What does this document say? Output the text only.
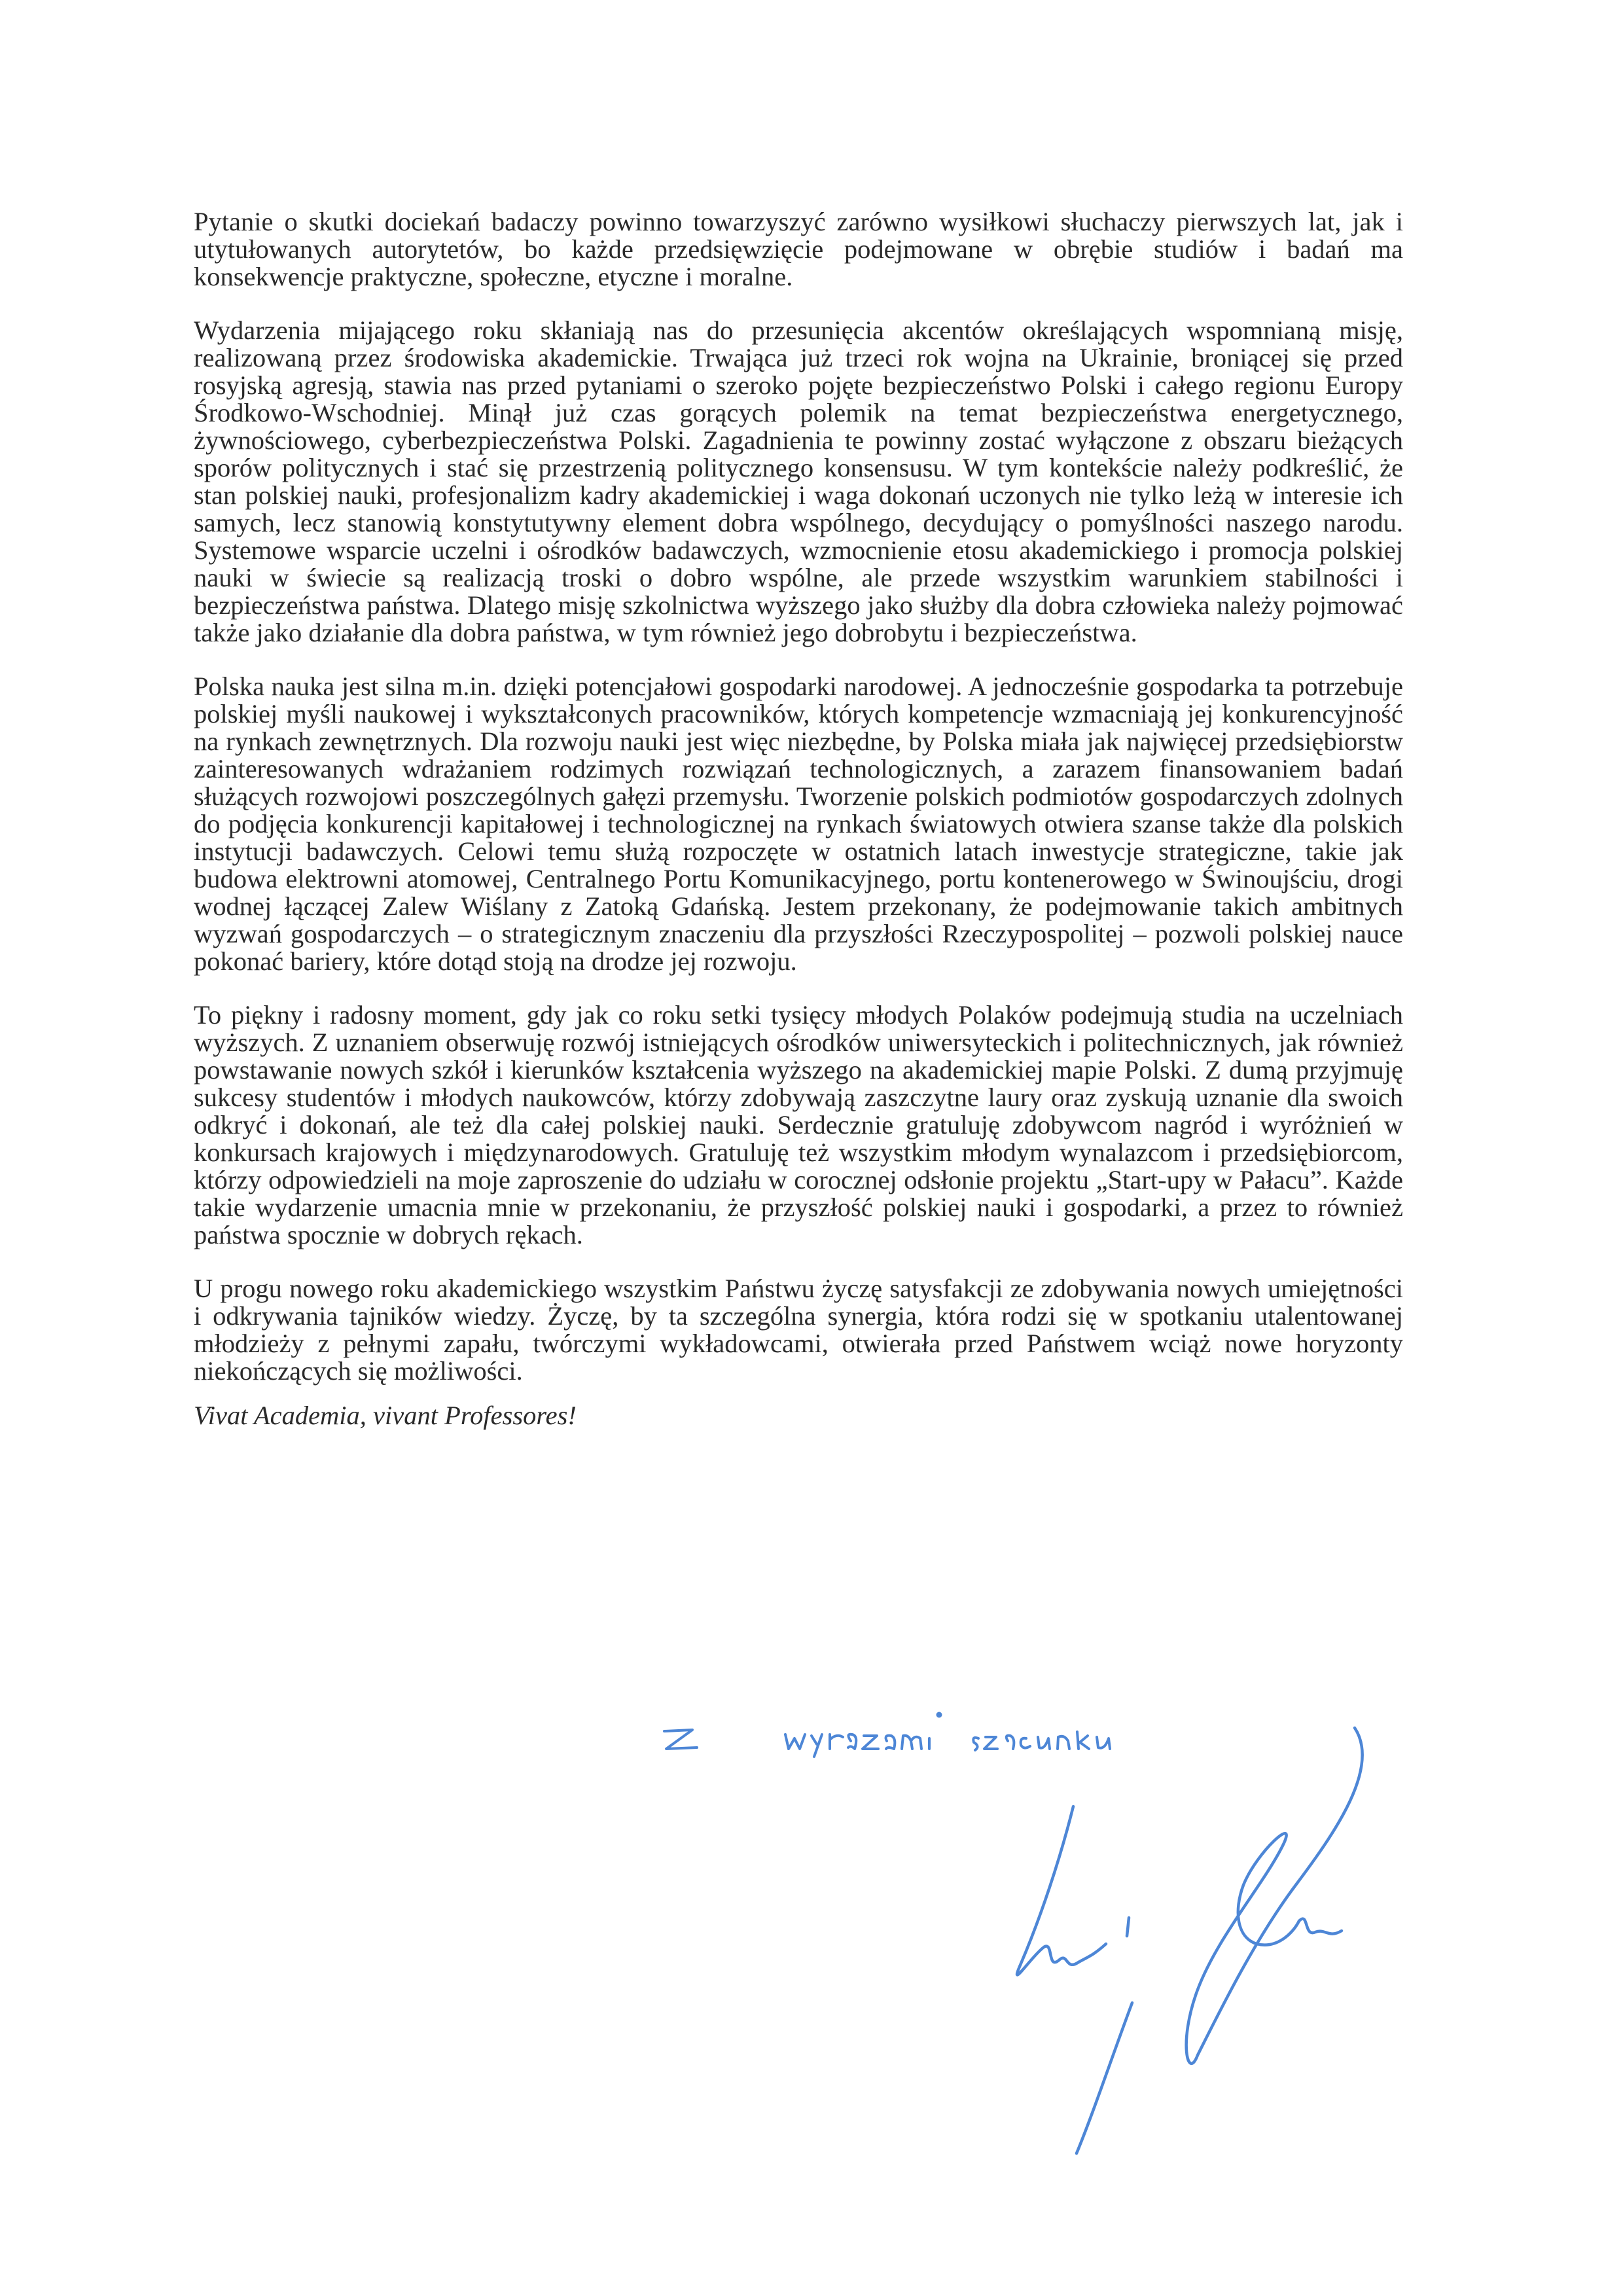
Pytanie o skutki dociekań badaczy powinno towarzyszyć zarówno wysiłkowi słuchaczy pierwszych lat, jak i utytułowanych autorytetów, bo każde przedsięwzięcie podejmowane w obrębie studiów i badań ma konsekwencje praktyczne, społeczne, etyczne i moralne.

Wydarzenia mijającego roku skłaniają nas do przesunięcia akcentów określających wspomnianą misję, realizowaną przez środowiska akademickie. Trwająca już trzeci rok wojna na Ukrainie, broniącej się przed rosyjską agresją, stawia nas przed pytaniami o szeroko pojęte bezpieczeństwo Polski i całego regionu Europy Środkowo-Wschodniej. Minął już czas gorących polemik na temat bezpieczeństwa energetycznego, żywnościowego, cyberbezpieczeństwa Polski. Zagadnienia te powinny zostać wyłączone z obszaru bieżących sporów politycznych i stać się przestrzenią politycznego konsensusu. W tym kontekście należy podkreślić, że stan polskiej nauki, profesjonalizm kadry akademickiej i waga dokonań uczonych nie tylko leżą w interesie ich samych, lecz stanowią konstytutywny element dobra wspólnego, decydujący o pomyślności naszego narodu. Systemowe wsparcie uczelni i ośrodków badawczych, wzmocnienie etosu akademickiego i promocja polskiej nauki w świecie są realizacją troski o dobro wspólne, ale przede wszystkim warunkiem stabilności i bezpieczeństwa państwa. Dlatego misję szkolnictwa wyższego jako służby dla dobra człowieka należy pojmować także jako działanie dla dobra państwa, w tym również jego dobrobytu i bezpieczeństwa.

Polska nauka jest silna m.in. dzięki potencjałowi gospodarki narodowej. A jednocześnie gospodarka ta potrzebuje polskiej myśli naukowej i wykształconych pracowników, których kompetencje wzmacniają jej konkurencyjność na rynkach zewnętrznych. Dla rozwoju nauki jest więc niezbędne, by Polska miała jak najwięcej przedsiębiorstw zainteresowanych wdrażaniem rodzimych rozwiązań technologicznych, a zarazem finansowaniem badań służących rozwojowi poszczególnych gałęzi przemysłu. Tworzenie polskich podmiotów gospodarczych zdolnych do podjęcia konkurencji kapitałowej i technologicznej na rynkach światowych otwiera szanse także dla polskich instytucji badawczych. Celowi temu służą rozpoczęte w ostatnich latach inwestycje strategiczne, takie jak budowa elektrowni atomowej, Centralnego Portu Komunikacyjnego, portu kontenerowego w Świnoujściu, drogi wodnej łączącej Zalew Wiślany z Zatoką Gdańską. Jestem przekonany, że podejmowanie takich ambitnych wyzwań gospodarczych – o strategicznym znaczeniu dla przyszłości Rzeczypospolitej – pozwoli polskiej nauce pokonać bariery, które dotąd stoją na drodze jej rozwoju.

To piękny i radosny moment, gdy jak co roku setki tysięcy młodych Polaków podejmują studia na uczelniach wyższych. Z uznaniem obserwuję rozwój istniejących ośrodków uniwersyteckich i politechnicznych, jak również powstawanie nowych szkół i kierunków kształcenia wyższego na akademickiej mapie Polski. Z dumą przyjmuję sukcesy studentów i młodych naukowców, którzy zdobywają zaszczytne laury oraz zyskują uznanie dla swoich odkryć i dokonań, ale też dla całej polskiej nauki. Serdecznie gratuluję zdobywcom nagród i wyróżnień w konkursach krajowych i międzynarodowych. Gratuluję też wszystkim młodym wynalazcom i przedsiębiorcom, którzy odpowiedzieli na moje zaproszenie do udziału w corocznej odsłonie projektu „Start-upy w Pałacu”. Każde takie wydarzenie umacnia mnie w przekonaniu, że przyszłość polskiej nauki i gospodarki, a przez to również państwa spocznie w dobrych rękach.

U progu nowego roku akademickiego wszystkim Państwu życzę satysfakcji ze zdobywania nowych umiejętności i odkrywania tajników wiedzy. Życzę, by ta szczególna synergia, która rodzi się w spotkaniu utalentowanej młodzieży z pełnymi zapału, twórczymi wykładowcami, otwierała przed Państwem wciąż nowe horyzonty niekończących się możliwości.

Vivat Academia, vivant Professores!
